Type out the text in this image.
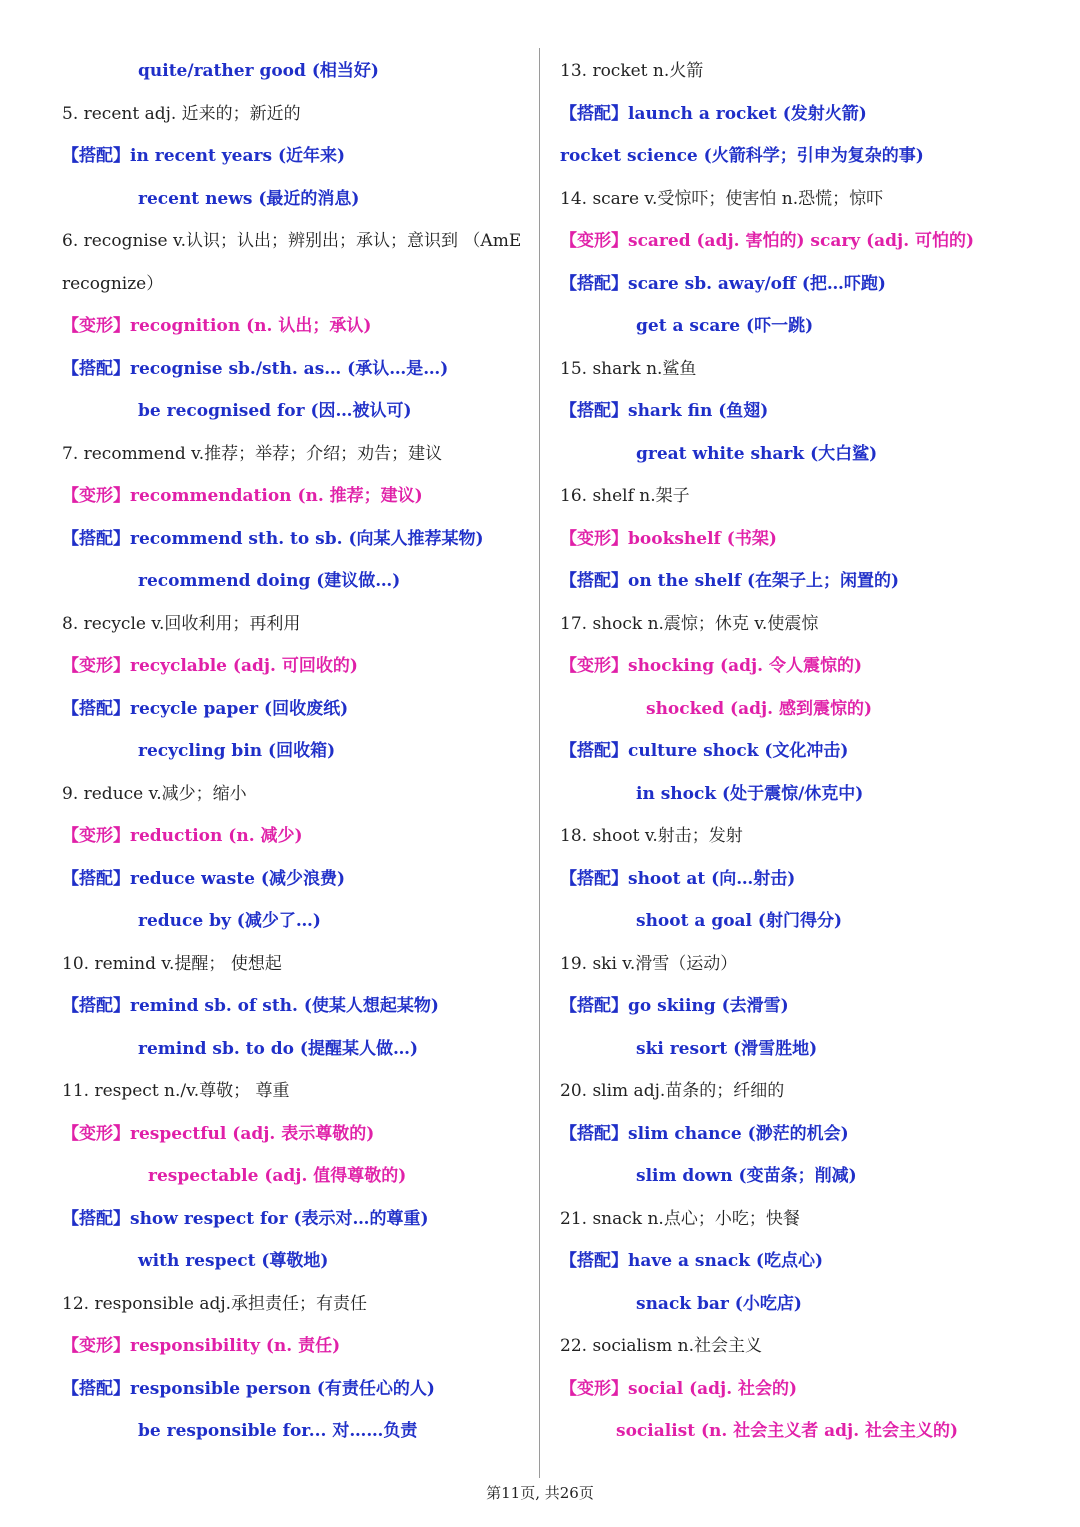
quite/rather good (相当好)
5. recent adj. 近来的；新近的
【搭配】in recent years (近年来)
recent news (最近的消息)
6. recognise v.认识；认出；辨别出；承认；意识到 （AmE
recognize）
【变形】recognition (n. 认出；承认)
【搭配】recognise sb./sth. as… (承认…是…)
be recognised for (因…被认可)
7. recommend v.推荐；举荐；介绍；劝告；建议
【变形】recommendation (n. 推荐；建议)
【搭配】recommend sth. to sb. (向某人推荐某物)
recommend doing (建议做…)
8. recycle v.回收利用；再利用
【变形】recyclable (adj. 可回收的)
【搭配】recycle paper (回收废纸)
recycling bin (回收箱)
9. reduce v.减少；缩小
【变形】reduction (n. 减少)
【搭配】reduce waste (减少浪费)
reduce by (减少了…)
10. remind v.提醒； 使想起
【搭配】remind sb. of sth. (使某人想起某物)
remind sb. to do (提醒某人做…)
11. respect n./v.尊敬； 尊重
【变形】respectful (adj. 表示尊敬的)
respectable (adj. 值得尊敬的)
【搭配】show respect for (表示对…的尊重)
with respect (尊敬地)
12. responsible adj.承担责任；有责任
【变形】responsibility (n. 责任)
【搭配】responsible person (有责任心的人)
be responsible for... 对……负责
13. rocket n.火箭
【搭配】launch a rocket (发射火箭)
rocket science (火箭科学；引申为复杂的事)
14. scare v.受惊吓；使害怕 n.恐慌；惊吓
【变形】scared (adj. 害怕的) scary (adj. 可怕的)
【搭配】scare sb. away/off (把…吓跑)
get a scare (吓一跳)
15. shark n.鲨鱼
【搭配】shark fin (鱼翅)
great white shark (大白鲨)
16. shelf n.架子
【变形】bookshelf (书架)
【搭配】on the shelf (在架子上；闲置的)
17. shock n.震惊；休克 v.使震惊
【变形】shocking (adj. 令人震惊的)
shocked (adj. 感到震惊的)
【搭配】culture shock (文化冲击)
in shock (处于震惊/休克中)
18. shoot v.射击；发射
【搭配】shoot at (向…射击)
shoot a goal (射门得分)
19. ski v.滑雪（运动）
【搭配】go skiing (去滑雪)
ski resort (滑雪胜地)
20. slim adj.苗条的；纤细的
【搭配】slim chance (渺茫的机会)
slim down (变苗条；削减)
21. snack n.点心；小吃；快餐
【搭配】have a snack (吃点心)
snack bar (小吃店)
22. socialism n.社会主义
【变形】social (adj. 社会的)
socialist (n. 社会主义者 adj. 社会主义的)
第11页, 共26页
